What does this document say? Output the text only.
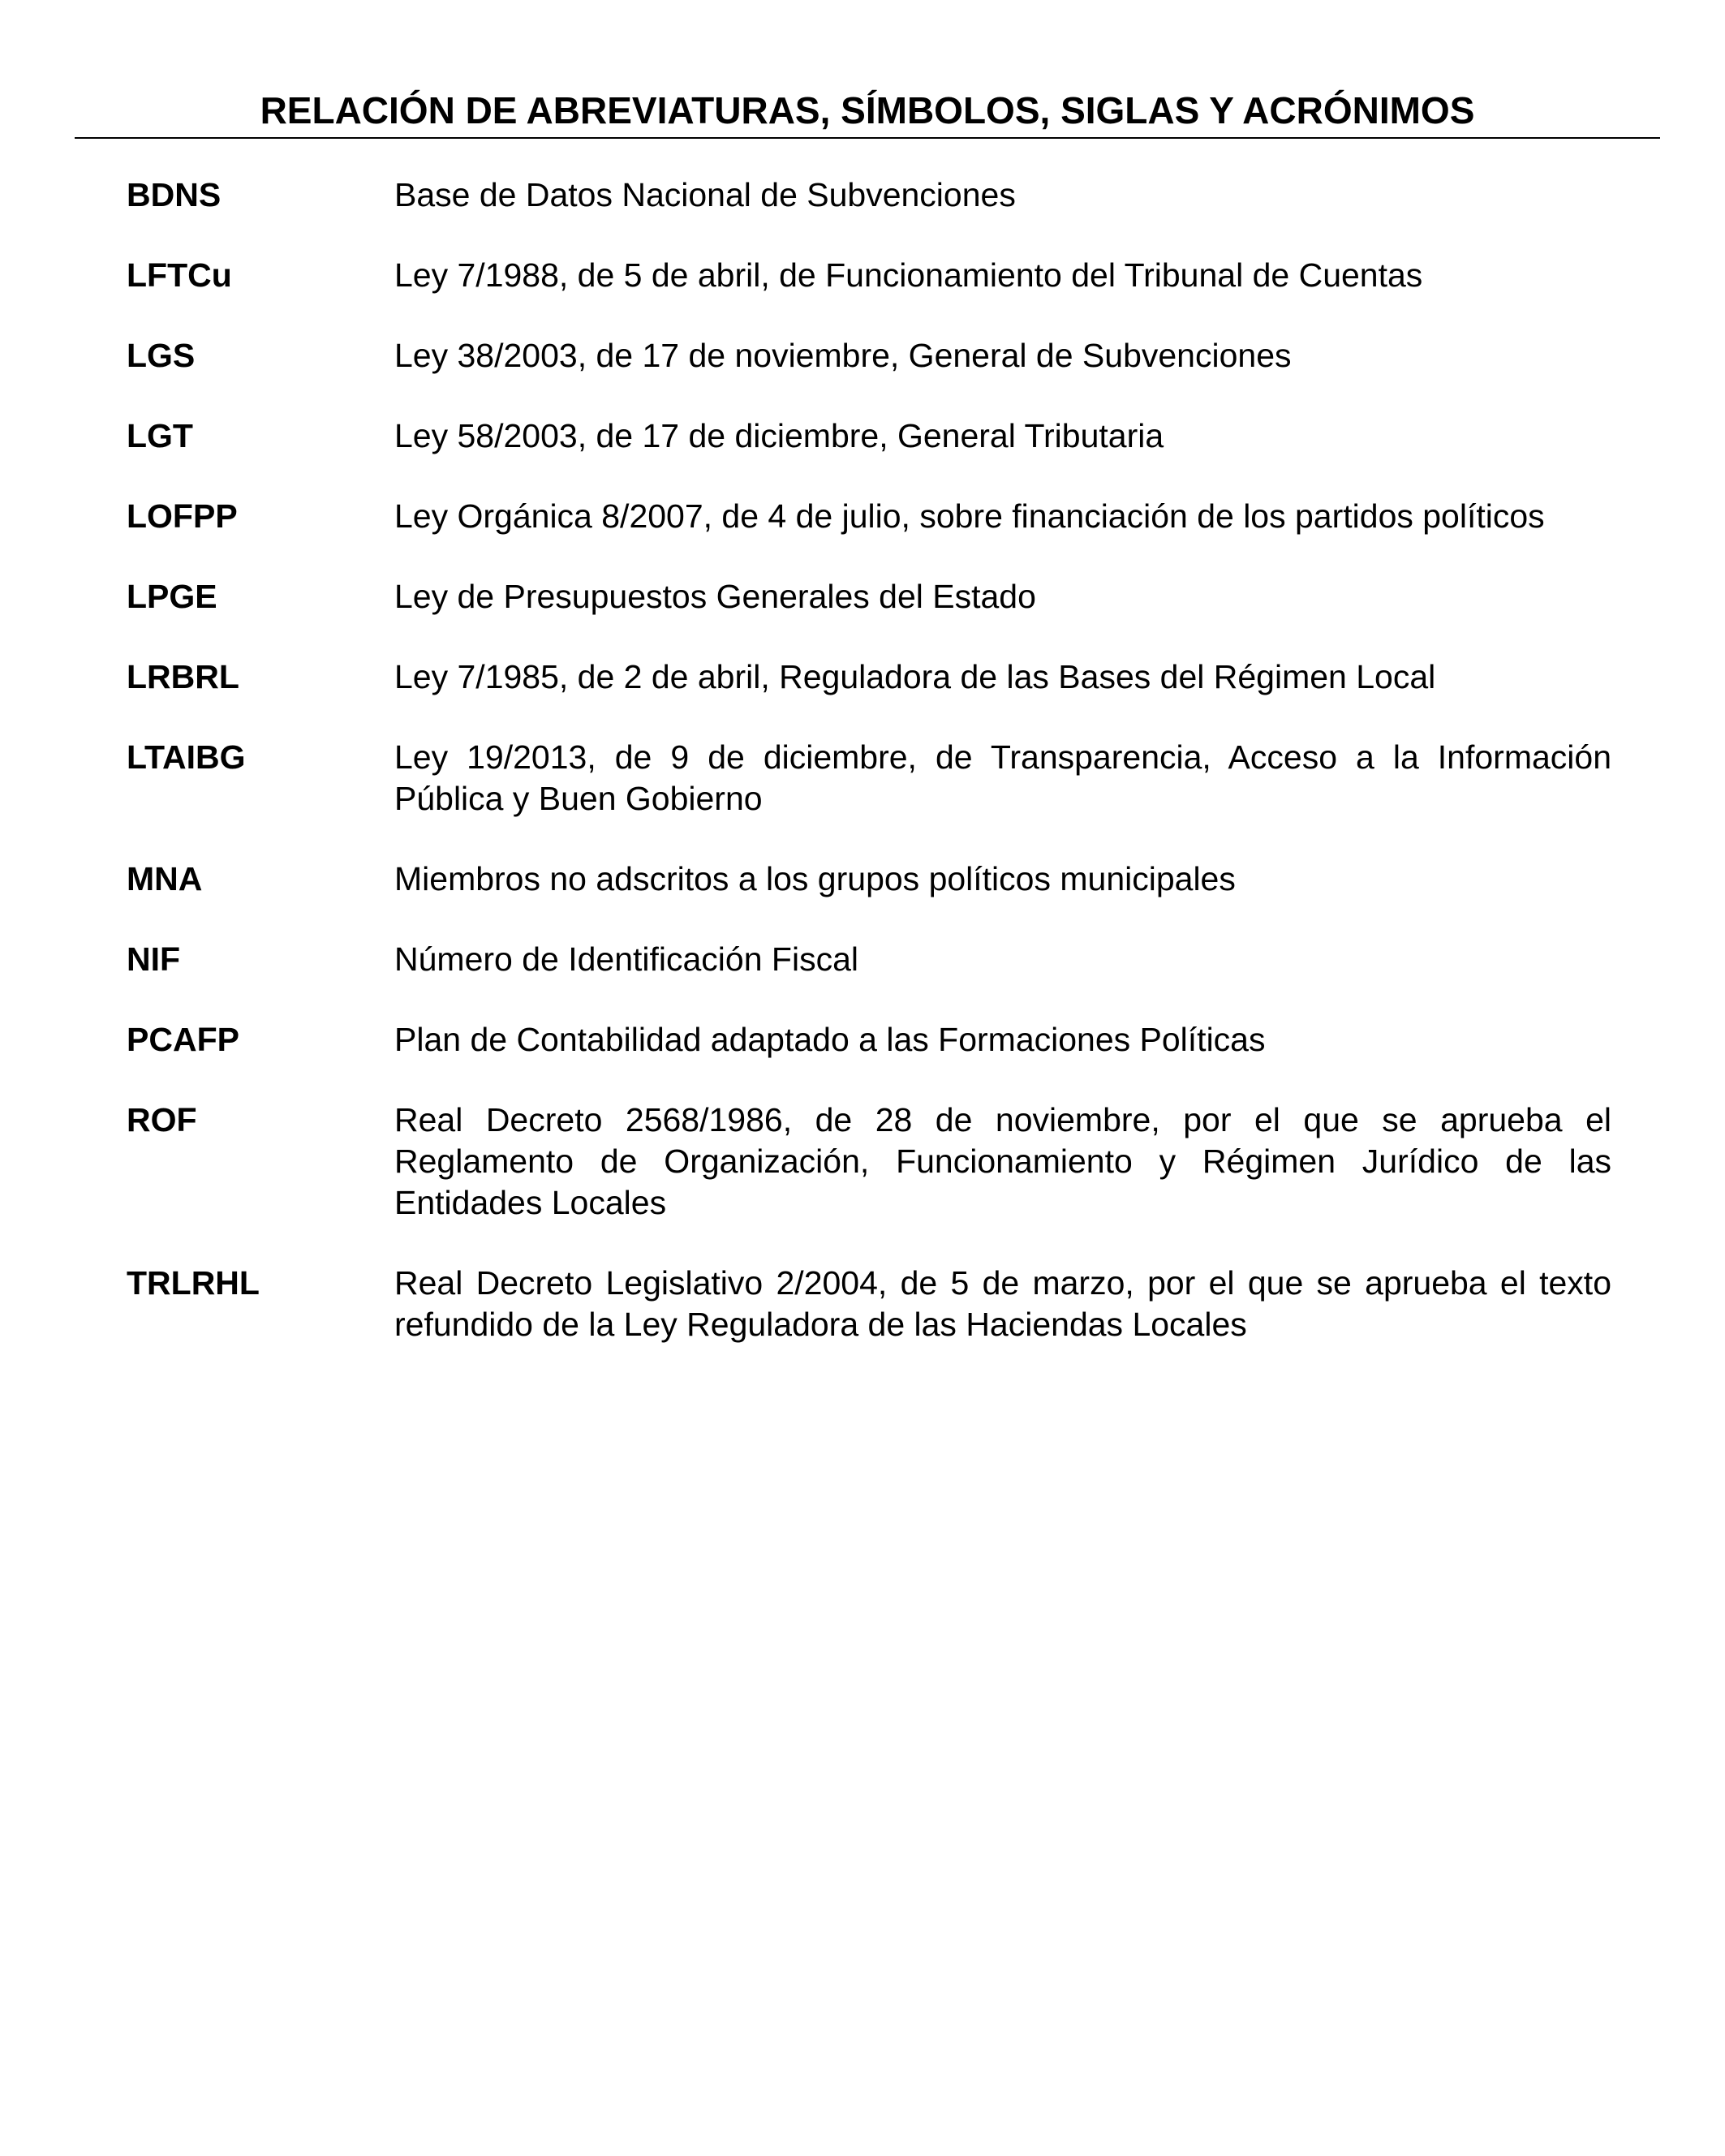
RELACIÓN DE ABREVIATURAS, SÍMBOLOS, SIGLAS Y ACRÓNIMOS
BDNS	Base de Datos Nacional de Subvenciones
LFTCu	Ley 7/1988, de 5 de abril, de Funcionamiento del Tribunal de Cuentas
LGS	Ley 38/2003, de 17 de noviembre, General de Subvenciones
LGT	Ley 58/2003, de 17 de diciembre, General Tributaria
LOFPP	Ley Orgánica 8/2007, de 4 de julio, sobre financiación de los partidos políticos
LPGE	Ley de Presupuestos Generales del Estado
LRBRL	Ley 7/1985, de 2 de abril, Reguladora de las Bases del Régimen Local
LTAIBG	Ley 19/2013, de 9 de diciembre, de Transparencia, Acceso a la Información Pública y Buen Gobierno
MNA	Miembros no adscritos a los grupos políticos municipales
NIF	Número de Identificación Fiscal
PCAFP	Plan de Contabilidad adaptado a las Formaciones Políticas
ROF	Real Decreto 2568/1986, de 28 de noviembre, por el que se aprueba el Reglamento de Organización, Funcionamiento y Régimen Jurídico de las Entidades Locales
TRLRHL	Real Decreto Legislativo 2/2004, de 5 de marzo, por el que se aprueba el texto refundido de la Ley Reguladora de las Haciendas Locales
